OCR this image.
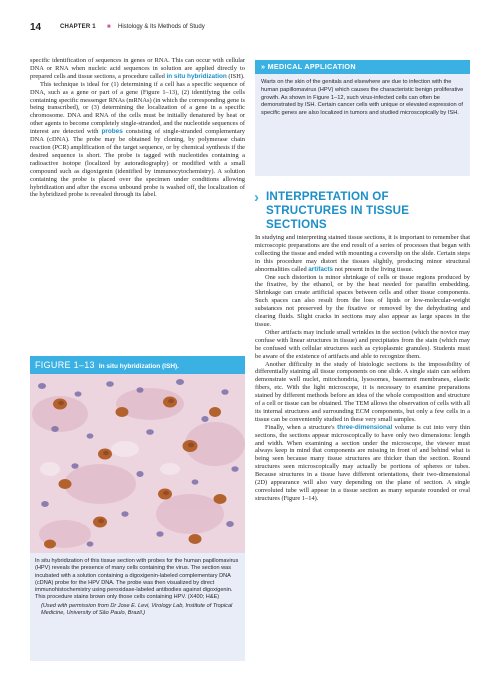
14	CHAPTER 1 ■ Histology & Its Methods of Study

specific identification of sequences in genes or RNA. This can occur with cellular DNA or RNA when nucleic acid sequences in solution are applied directly to prepared cells and tissue sections, a procedure called in situ hybridization (ISH).

This technique is ideal for (1) determining if a cell has a specific sequence of DNA, such as a gene or part of a gene (Figure 1–13), (2) identifying the cells containing specific messenger RNAs (mRNAs) (in which the corresponding gene is being transcribed), or (3) determining the localization of a gene in a specific chromosome. DNA and RNA of the cells must be initially denatured by heat or other agents to become completely single-stranded, and the nucleotide sequences of interest are detected with probes consisting of single-stranded complementary DNA (cDNA). The probe may be obtained by cloning, by polymerase chain reaction (PCR) amplification of the target sequence, or by chemical synthesis if the desired sequence is short. The probe is tagged with nucleotides containing a radioactive isotope (localized by autoradiography) or modified with a small compound such as digoxigenin (identified by immunocytochemistry). A solution containing the probe is placed over the specimen under conditions allowing hybridization and after the excess unbound probe is washed off, the localization of the hybridized probe is revealed through its label.

FIGURE 1–13 In situ hybridization (ISH).

In situ hybridization of this tissue section with probes for the human papillomavirus (HPV) reveals the presence of many cells containing the virus. The section was incubated with a solution containing a digoxigenin-labeled complementary DNA (cDNA) probe for the HPV DNA. The probe was then visualized by direct immunohistochemistry using peroxidase-labeled antibodies against digoxigenin. This procedure stains brown only those cells containing HPV. (X400; H&E)

(Used with permission from Dr Jose E. Levi, Virology Lab, Institute of Tropical Medicine, University of São Paulo, Brazil.)

» MEDICAL APPLICATION
Warts on the skin of the genitals and elsewhere are due to infection with the human papillomavirus (HPV) which causes the characteristic benign proliferative growth. As shown in Figure 1–12, such virus-infected cells can often be demonstrated by ISH. Certain cancer cells with unique or elevated expression of specific genes are also localized in tumors and studied microscopically by ISH.
› INTERPRETATION OF STRUCTURES IN TISSUE SECTIONS

In studying and interpreting stained tissue sections, it is important to remember that microscopic preparations are the end result of a series of processes that began with collecting the tissue and ended with mounting a coverslip on the slide. Certain steps in this procedure may distort the tissues slightly, producing minor structural abnormalities called artifacts not present in the living tissue.

One such distortion is minor shrinkage of cells or tissue regions produced by the fixative, by the ethanol, or by the heat needed for paraffin embedding. Shrinkage can create artificial spaces between cells and other tissue components. Such spaces can also result from the loss of lipids or low-molecular-weight substances not preserved by the fixative or removed by the dehydrating and clearing fluids. Slight cracks in sections may also appear as large spaces in the tissue.

Other artifacts may include small wrinkles in the section (which the novice may confuse with linear structures in tissue) and precipitates from the stain (which may be confused with cellular structures such as cytoplasmic granules). Students must be aware of the existence of artifacts and able to recognize them.

Another difficulty in the study of histologic sections is the impossibility of differentially staining all tissue components on one slide. A single stain can seldom demonstrate well nuclei, mitochondria, lysosomes, basement membranes, elastic fibers, etc. With the light microscope, it is necessary to examine preparations stained by different methods before an idea of the whole composition and structure of a cell or tissue can be obtained. The TEM allows the observation of cells with all its internal structures and surrounding ECM components, but only a few cells in a tissue can be conveniently studied in these very small samples.

Finally, when a structure's three-dimensional volume is cut into very thin sections, the sections appear microscopically to have only two dimensions: length and width. When examining a section under the microscope, the viewer must always keep in mind that components are missing in front of and behind what is being seen because many tissue structures are thicker than the section. Round structures seen microscopically may actually be portions of spheres or tubes. Because structures in a tissue have different orientations, their two-dimensional (2D) appearance will also vary depending on the plane of section. A single convoluted tube will appear in a tissue section as many separate rounded or oval structures (Figure 1–14).
